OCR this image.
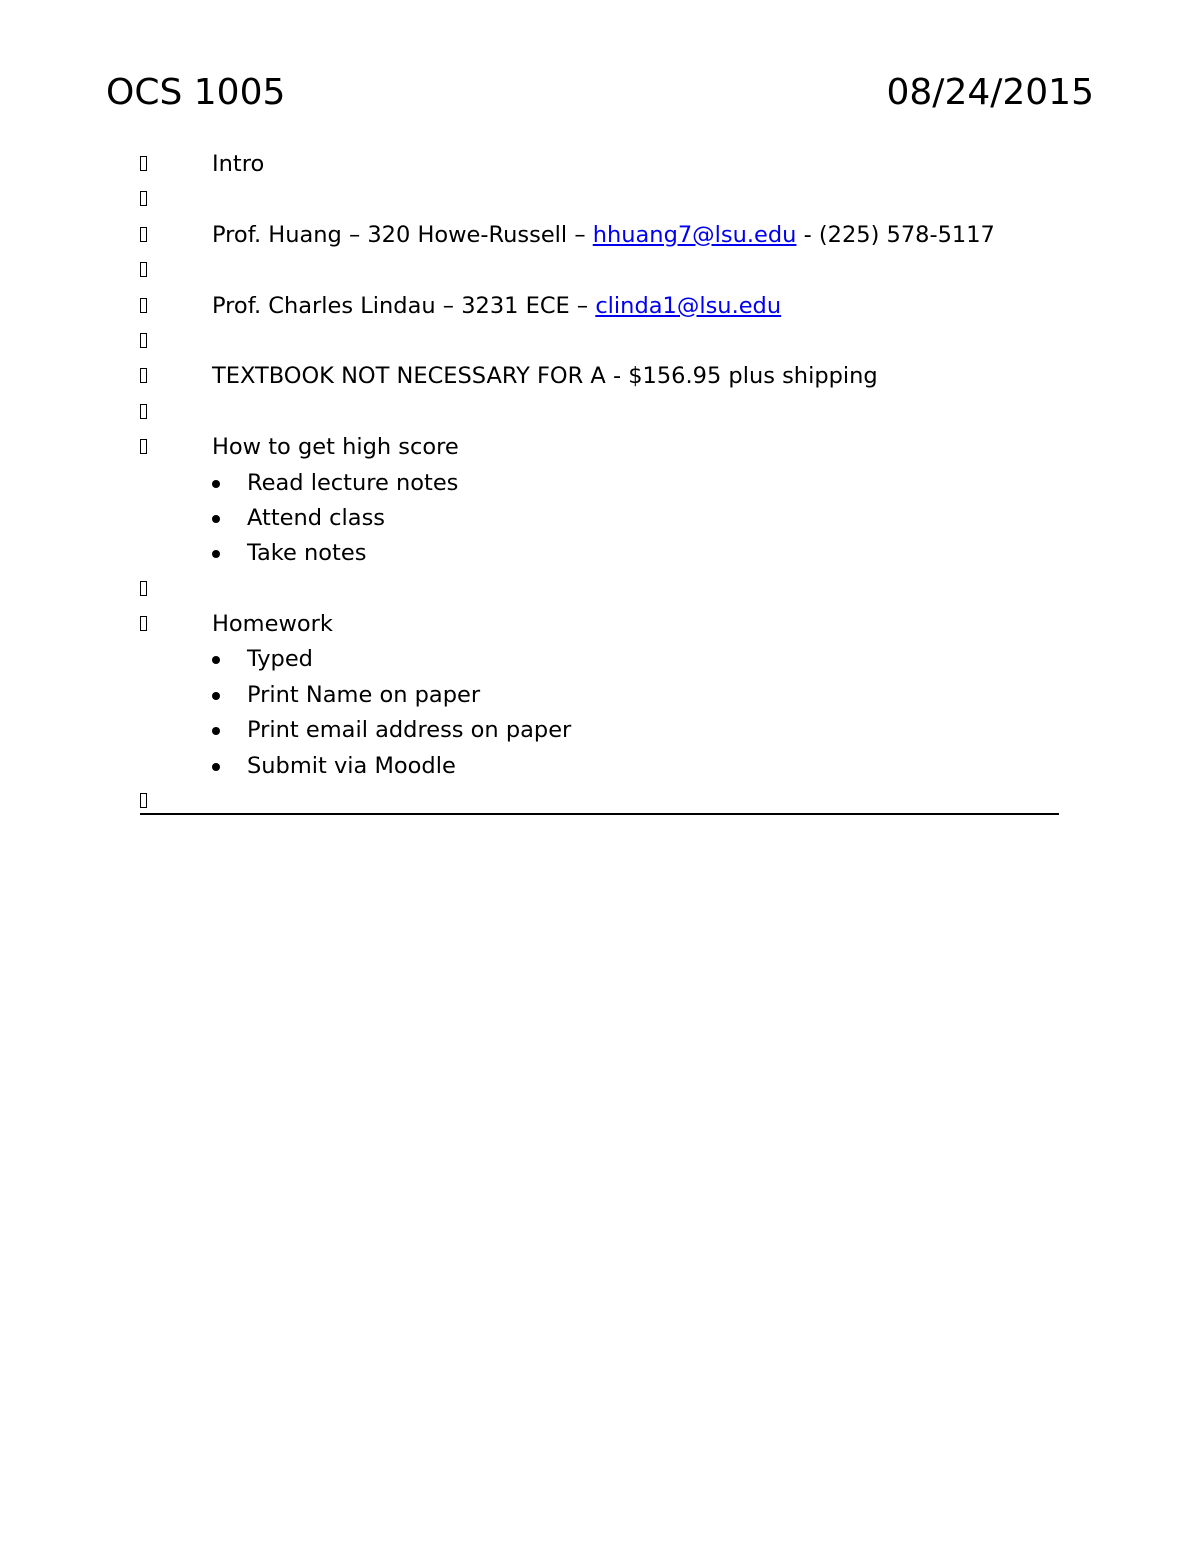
OCS 1005	08/24/2015
Intro
Prof. Huang – 320 Howe-Russell – hhuang7@lsu.edu - (225) 578-5117
Prof. Charles Lindau – 3231 ECE – clinda1@lsu.edu
TEXTBOOK NOT NECESSARY FOR A - $156.95 plus shipping
How to get high score
Read lecture notes
Attend class
Take notes
Homework
Typed
Print Name on paper
Print email address on paper
Submit via Moodle
